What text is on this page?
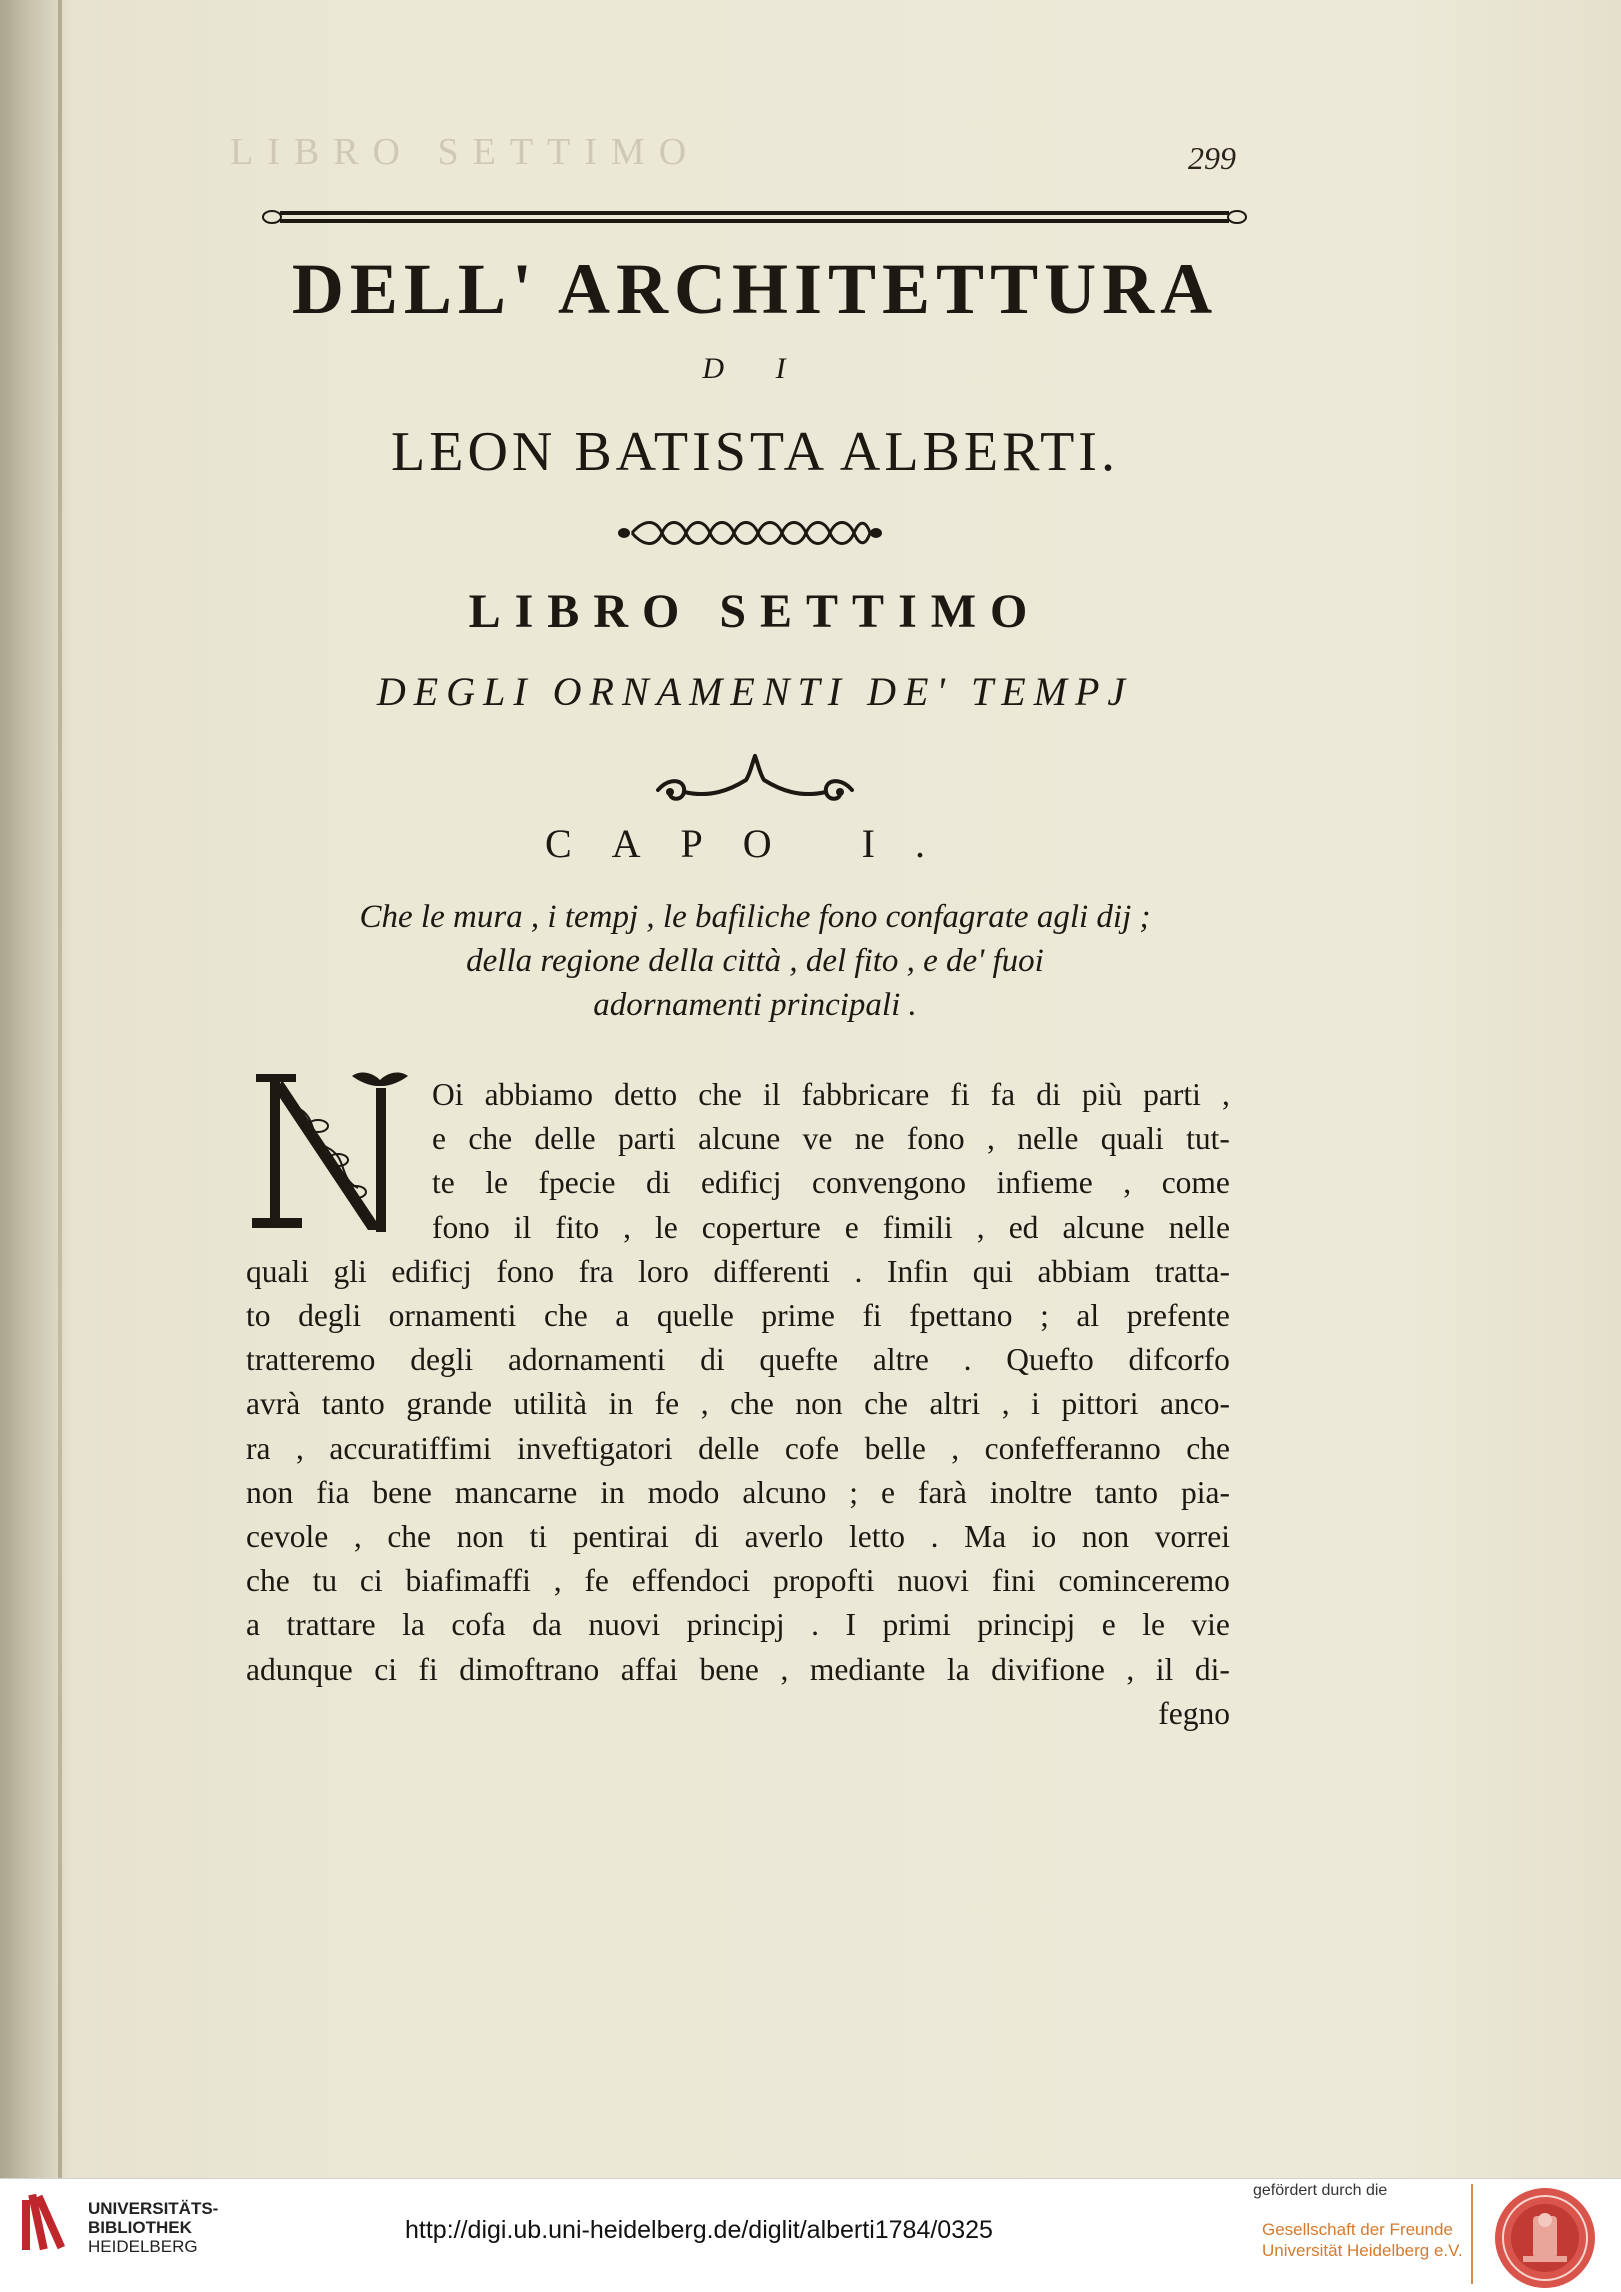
LIBRO SETTIMO	299
DELL' ARCHITETTURA
D I
LEON BATISTA ALBERTI.
LIBRO SETTIMO
DEGLI ORNAMENTI DE' TEMPJ
CAPO I.
Che le mura , i tempj , le bafiliche fono confagrate agli dij ;
della regione della città , del fito , e de' fuoi
adornamenti principali .
Oi abbiamo detto che il fabbricare fi fa di più parti ,
e che delle parti alcune ve ne fono , nelle quali tut-
te le fpecie di edificj convengono infieme , come
fono il fito , le coperture e fimili , ed alcune nelle
quali gli edificj fono fra loro differenti . Infin qui abbiam tratta-
to degli ornamenti che a quelle prime fi fpettano ; al prefente
tratteremo degli adornamenti di quefte altre . Quefto difcorfo
avrà tanto grande utilità in fe , che non che altri , i pittori anco-
ra , accuratiffimi inveftigatori delle cofe belle , confefferanno che
non fia bene mancarne in modo alcuno ; e farà inoltre tanto pia-
cevole , che non ti pentirai di averlo letto . Ma io non vorrei
che tu ci biafimaffi , fe effendoci propofti nuovi fini cominceremo
a trattare la cofa da nuovi principj . I primi principj e le vie
adunque ci fi dimoftrano affai bene , mediante la divifione , il di-
fegno
UNIVERSITÄTS-
BIBLIOTHEK
HEIDELBERG
http://digi.ub.uni-heidelberg.de/diglit/alberti1784/0325
gefördert durch die
Gesellschaft der Freunde
Universität Heidelberg e.V.
